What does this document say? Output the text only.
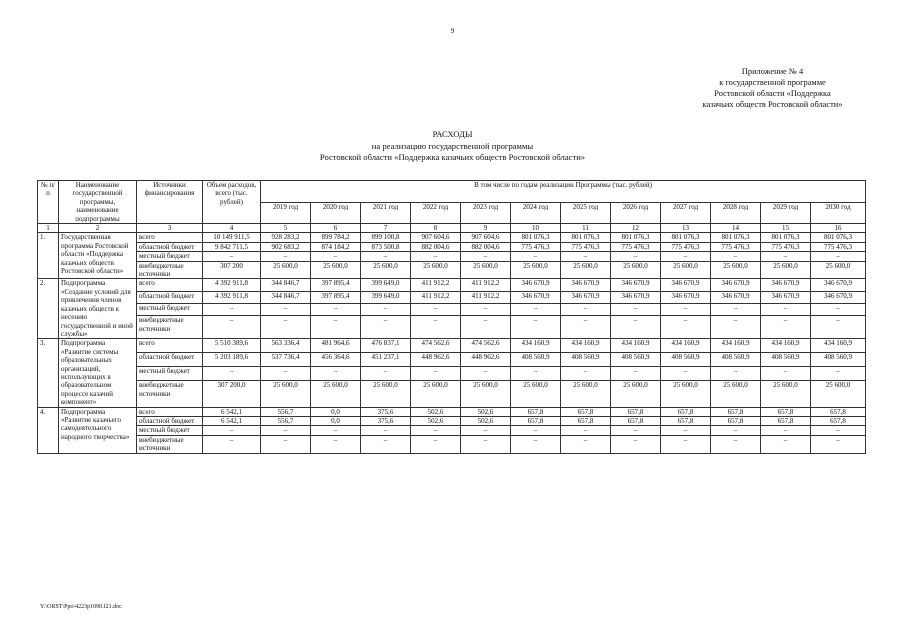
9
Приложение № 4
к государственной программе
Ростовской области «Поддержка
казачьих обществ Ростовской области»
РАСХОДЫ
на реализацию государственной программы
Ростовской области «Поддержка казачьих обществ Ростовской области»
№ п/п	Наименование государственной программы, наименование подпрограммы	Источники финансирования	Объем расходов, всего (тыс. рублей)	В том числе по годам реализации Программы (тыс. рублей)											
				2019 год	2020 год	2021 год	2022 год	2023 год	2024 год	2025 год	2026 год	2027 год	2028 год	2029 год	2030 год
1	2	3	4	5	6	7	8	9	10	11	12	13	14	15	16
1.	Государственная программа Ростовской области «Поддержка казачьих обществ Ростовской области»	всего	10 149 911,5	928 283,2	899 784,2	899 100,8	907 604,6	907 604,6	801 076,3	801 076,3	801 076,3	801 076,3	801 076,3	801 076,3	801 076,3
		областной бюджет	9 842 711,5	902 683,2	874 184,2	873 500,8	882 004,6	882 004,6	775 476,3	775 476,3	775 476,3	775 476,3	775 476,3	775 476,3	775 476,3
		местный бюджет	–	–	–	–	–	–	–	–	–	–	–	–	–
		внебюджетные источники	307 200	25 600,0	25 600,0	25 600,0	25 600,0	25 600,0	25 600,0	25 600,0	25 600,0	25 600,0	25 600,0	25 600,0	25 600,0
2.	Подпрограмма «Создание условий для привлечения членов казачьих обществ к несению государственной и иной службы»	всего	4 392 911,8	344 846,7	397 895,4	399 649,0	411 912,2	411 912,2	346 670,9	346 670,9	346 670,9	346 670,9	346 670,9	346 670,9	346 670,9
		областной бюджет	4 392 911,8	344 846,7	397 895,4	399 649,0	411 912,2	411 912,2	346 670,9	346 670,9	346 670,9	346 670,9	346 670,9	346 670,9	346 670,9
		местный бюджет	–	–	–	–	–	–	–	–	–	–	–	–	–
		внебюджетные источники	–	–	–	–	–	–	–	–	–	–	–	–	–
3.	Подпрограмма «Развитие системы образовательных организаций, использующих в образовательном процессе казачий компонент»	всего	5 510 389,6	563 336,4	481 964,6	476 837,1	474 562,6	474 562,6	434 160,9	434 160,9	434 160,9	434 160,9	434 160,9	434 160,9	434 160,9
		областной бюджет	5 203 189,6	537 736,4	456 364,6	451 237,1	448 962,6	448 962,6	408 560,9	408 560,9	408 560,9	408 560,9	408 560,9	408 560,9	408 560,9
		местный бюджет	–	–	–	–	–	–	–	–	–	–	–	–	–
		внебюджетные источники	307 200,0	25 600,0	25 600,0	25 600,0	25 600,0	25 600,0	25 600,0	25 600,0	25 600,0	25 600,0	25 600,0	25 600,0	25 600,0
4.	Подпрограмма «Развитие казачьего самодеятельного народного творчества»	всего	6 542,1	556,7	0,0	375,6	502,6	502,6	657,8	657,8	657,8	657,8	657,8	657,8	657,8
		областной бюджет	6 542,1	556,7	0,0	375,6	502,6	502,6	657,8	657,8	657,8	657,8	657,8	657,8	657,8
		местный бюджет	–	–	–	–	–	–	–	–	–	–	–	–	–
		внебюджетные источники	–	–	–	–	–	–	–	–	–	–	–	–	–
Y:\ORST\Ppo\4223p1090.f21.doc
